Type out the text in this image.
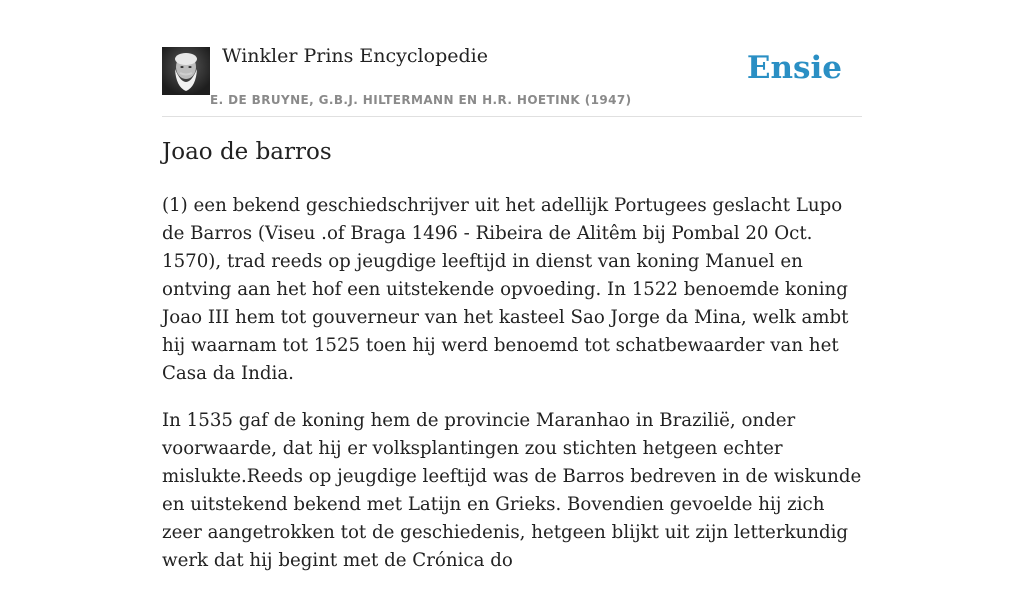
Winkler Prins Encyclopedie
E. DE BRUYNE, G.B.J. HILTERMANN EN H.R. HOETINK (1947)
Ensie
Joao de barros

(1) een bekend geschiedschrijver uit het adellijk Portugees geslacht Lupo de Barros (Viseu .of Braga 1496 - Ribeira de Alitêm bij Pombal 20 Oct. 1570), trad reeds op jeugdige leeftijd in dienst van koning Manuel en ontving aan het hof een uitstekende opvoeding. In 1522 benoemde koning Joao III hem tot gouverneur van het kasteel Sao Jorge da Mina, welk ambt hij waarnam tot 1525 toen hij werd benoemd tot schatbewaarder van het Casa da India.

In 1535 gaf de koning hem de provincie Maranhao in Brazilië, onder voorwaarde, dat hij er volksplantingen zou stichten hetgeen echter mislukte.Reeds op jeugdige leeftijd was de Barros bedreven in de wiskunde en uitstekend bekend met Latijn en Grieks. Bovendien gevoelde hij zich zeer aangetrokken tot de geschiedenis, hetgeen blijkt uit zijn letterkundig werk dat hij begint met de Crónica do
